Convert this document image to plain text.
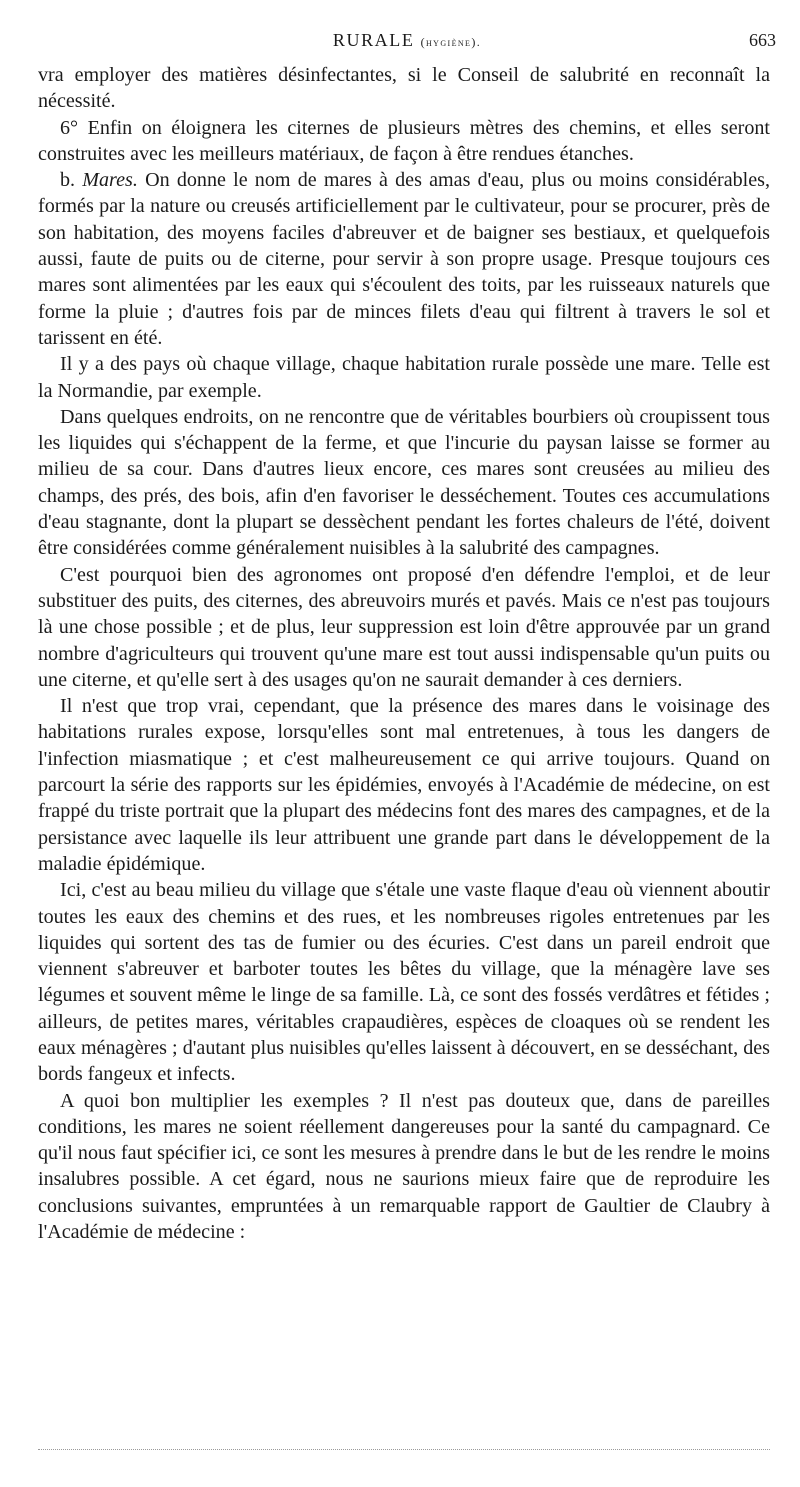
RURALE (hygiène).	663

vra employer des matières désinfectantes, si le Conseil de salubrité en reconnaît la nécessité.

6° Enfin on éloignera les citernes de plusieurs mètres des chemins, et elles seront construites avec les meilleurs matériaux, de façon à être rendues étanches.

b. Mares. On donne le nom de mares à des amas d'eau, plus ou moins considérables, formés par la nature ou creusés artificiellement par le cultivateur, pour se procurer, près de son habitation, des moyens faciles d'abreuver et de baigner ses bestiaux, et quelquefois aussi, faute de puits ou de citerne, pour servir à son propre usage. Presque toujours ces mares sont alimentées par les eaux qui s'écoulent des toits, par les ruisseaux naturels que forme la pluie ; d'autres fois par de minces filets d'eau qui filtrent à travers le sol et tarissent en été.

Il y a des pays où chaque village, chaque habitation rurale possède une mare. Telle est la Normandie, par exemple.

Dans quelques endroits, on ne rencontre que de véritables bourbiers où croupissent tous les liquides qui s'échappent de la ferme, et que l'incurie du paysan laisse se former au milieu de sa cour. Dans d'autres lieux encore, ces mares sont creusées au milieu des champs, des prés, des bois, afin d'en favoriser le desséchement. Toutes ces accumulations d'eau stagnante, dont la plupart se dessèchent pendant les fortes chaleurs de l'été, doivent être considérées comme généralement nuisibles à la salubrité des campagnes.

C'est pourquoi bien des agronomes ont proposé d'en défendre l'emploi, et de leur substituer des puits, des citernes, des abreuvoirs murés et pavés. Mais ce n'est pas toujours là une chose possible ; et de plus, leur suppression est loin d'être approuvée par un grand nombre d'agriculteurs qui trouvent qu'une mare est tout aussi indispensable qu'un puits ou une citerne, et qu'elle sert à des usages qu'on ne saurait demander à ces derniers.

Il n'est que trop vrai, cependant, que la présence des mares dans le voisinage des habitations rurales expose, lorsqu'elles sont mal entretenues, à tous les dangers de l'infection miasmatique ; et c'est malheureusement ce qui arrive toujours. Quand on parcourt la série des rapports sur les épidémies, envoyés à l'Académie de médecine, on est frappé du triste portrait que la plupart des médecins font des mares des campagnes, et de la persistance avec laquelle ils leur attribuent une grande part dans le développement de la maladie épidémique.

Ici, c'est au beau milieu du village que s'étale une vaste flaque d'eau où viennent aboutir toutes les eaux des chemins et des rues, et les nombreuses rigoles entretenues par les liquides qui sortent des tas de fumier ou des écuries. C'est dans un pareil endroit que viennent s'abreuver et barboter toutes les bêtes du village, que la ménagère lave ses légumes et souvent même le linge de sa famille. Là, ce sont des fossés verdâtres et fétides ; ailleurs, de petites mares, véritables crapaudières, espèces de cloaques où se rendent les eaux ménagères ; d'autant plus nuisibles qu'elles laissent à découvert, en se desséchant, des bords fangeux et infects.

A quoi bon multiplier les exemples ? Il n'est pas douteux que, dans de pareilles conditions, les mares ne soient réellement dangereuses pour la santé du campagnard. Ce qu'il nous faut spécifier ici, ce sont les mesures à prendre dans le but de les rendre le moins insalubres possible. A cet égard, nous ne saurions mieux faire que de reproduire les conclusions suivantes, empruntées à un remarquable rapport de Gaultier de Claubry à l'Académie de médecine :
